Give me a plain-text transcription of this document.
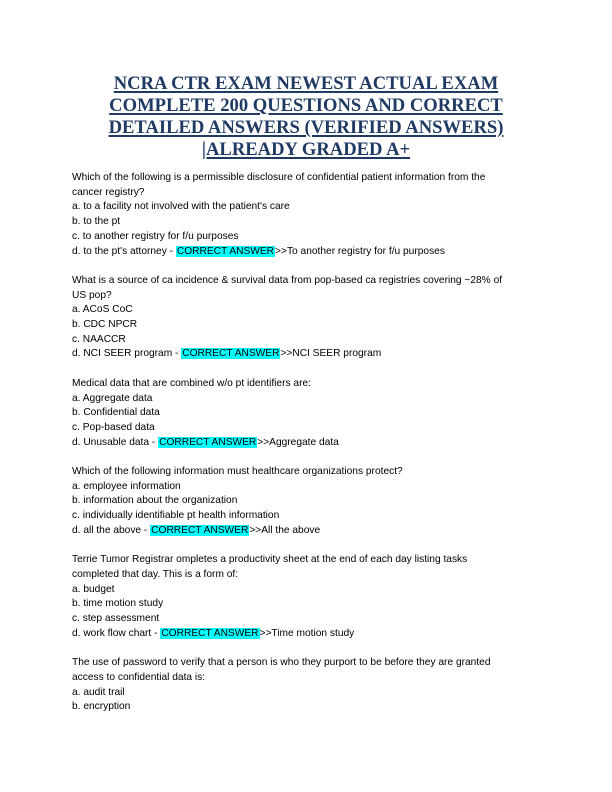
NCRA CTR EXAM NEWEST ACTUAL EXAM
COMPLETE 200 QUESTIONS AND CORRECT
DETAILED ANSWERS (VERIFIED ANSWERS)
|ALREADY GRADED A+
Which of the following is a permissible disclosure of confidential patient information from the
cancer registry?
a. to a facility not involved with the patient's care
b. to the pt
c. to another registry for f/u purposes
d. to the pt's attorney - CORRECT ANSWER>>To another registry for f/u purposes
What is a source of ca incidence & survival data from pop-based ca registries covering ~28% of
US pop?
a. ACoS CoC
b. CDC NPCR
c. NAACCR
d. NCI SEER program - CORRECT ANSWER>>NCI SEER program
Medical data that are combined w/o pt identifiers are:
a. Aggregate data
b. Confidential data
c. Pop-based data
d. Unusable data - CORRECT ANSWER>>Aggregate data
Which of the following information must healthcare organizations protect?
a. employee information
b. information about the organization
c. individually identifiable pt health information
d. all the above - CORRECT ANSWER>>All the above
Terrie Tumor Registrar ompletes a productivity sheet at the end of each day listing tasks
completed that day. This is a form of:
a. budget
b. time motion study
c. step assessment
d. work flow chart - CORRECT ANSWER>>Time motion study
The use of password to verify that a person is who they purport to be before they are granted
access to confidential data is:
a. audit trail
b. encryption
